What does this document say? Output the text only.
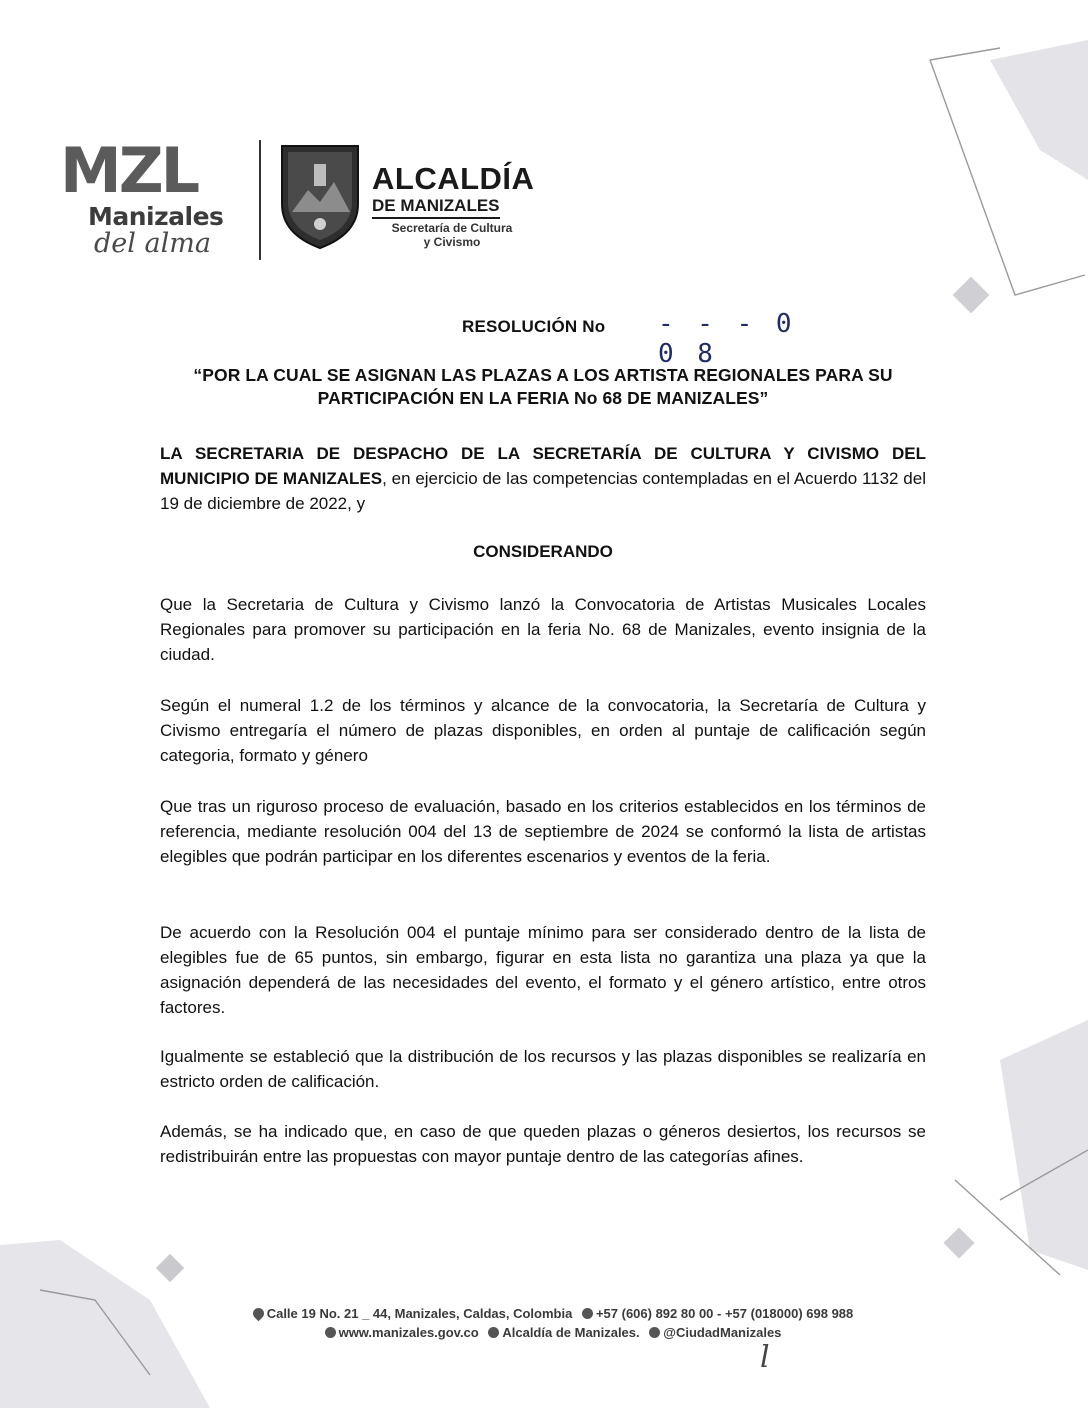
MZL
Manizales
del alma
ALCALDÍA
DE MANIZALES
Secretaría de Cultura
y Civismo
RESOLUCIÓN No - - - 0 0 8
“POR LA CUAL SE ASIGNAN LAS PLAZAS A LOS ARTISTA REGIONALES PARA SU PARTICIPACIÓN EN LA FERIA No 68 DE MANIZALES”
LA SECRETARIA DE DESPACHO DE LA SECRETARÍA DE CULTURA Y CIVISMO DEL MUNICIPIO DE MANIZALES, en ejercicio de las competencias contempladas en el Acuerdo 1132 del 19 de diciembre de 2022, y
CONSIDERANDO
Que la Secretaria de Cultura y Civismo lanzó la Convocatoria de Artistas Musicales Locales Regionales para promover su participación en la feria No. 68 de Manizales, evento insignia de la ciudad.
Según el numeral 1.2 de los términos y alcance de la convocatoria, la Secretaría de Cultura y Civismo entregaría el número de plazas disponibles, en orden al puntaje de calificación según categoria, formato y género
Que tras un riguroso proceso de evaluación, basado en los criterios establecidos en los términos de referencia, mediante resolución 004 del 13 de septiembre de 2024 se conformó la lista de artistas elegibles que podrán participar en los diferentes escenarios y eventos de la feria.
De acuerdo con la Resolución 004 el puntaje mínimo para ser considerado dentro de la lista de elegibles fue de 65 puntos, sin embargo, figurar en esta lista no garantiza una plaza ya que la asignación dependerá de las necesidades del evento, el formato y el género artístico, entre otros factores.
Igualmente se estableció que la distribución de los recursos y las plazas disponibles se realizaría en estricto orden de calificación.
Además, se ha indicado que, en caso de que queden plazas o géneros desiertos, los recursos se redistribuirán entre las propuestas con mayor puntaje dentro de las categorías afines.
Calle 19 No. 21 _ 44, Manizales, Caldas, Colombia +57 (606) 892 80 00 - +57 (018000) 698 988
www.manizales.gov.co Alcaldía de Manizales. @CiudadManizales
l
